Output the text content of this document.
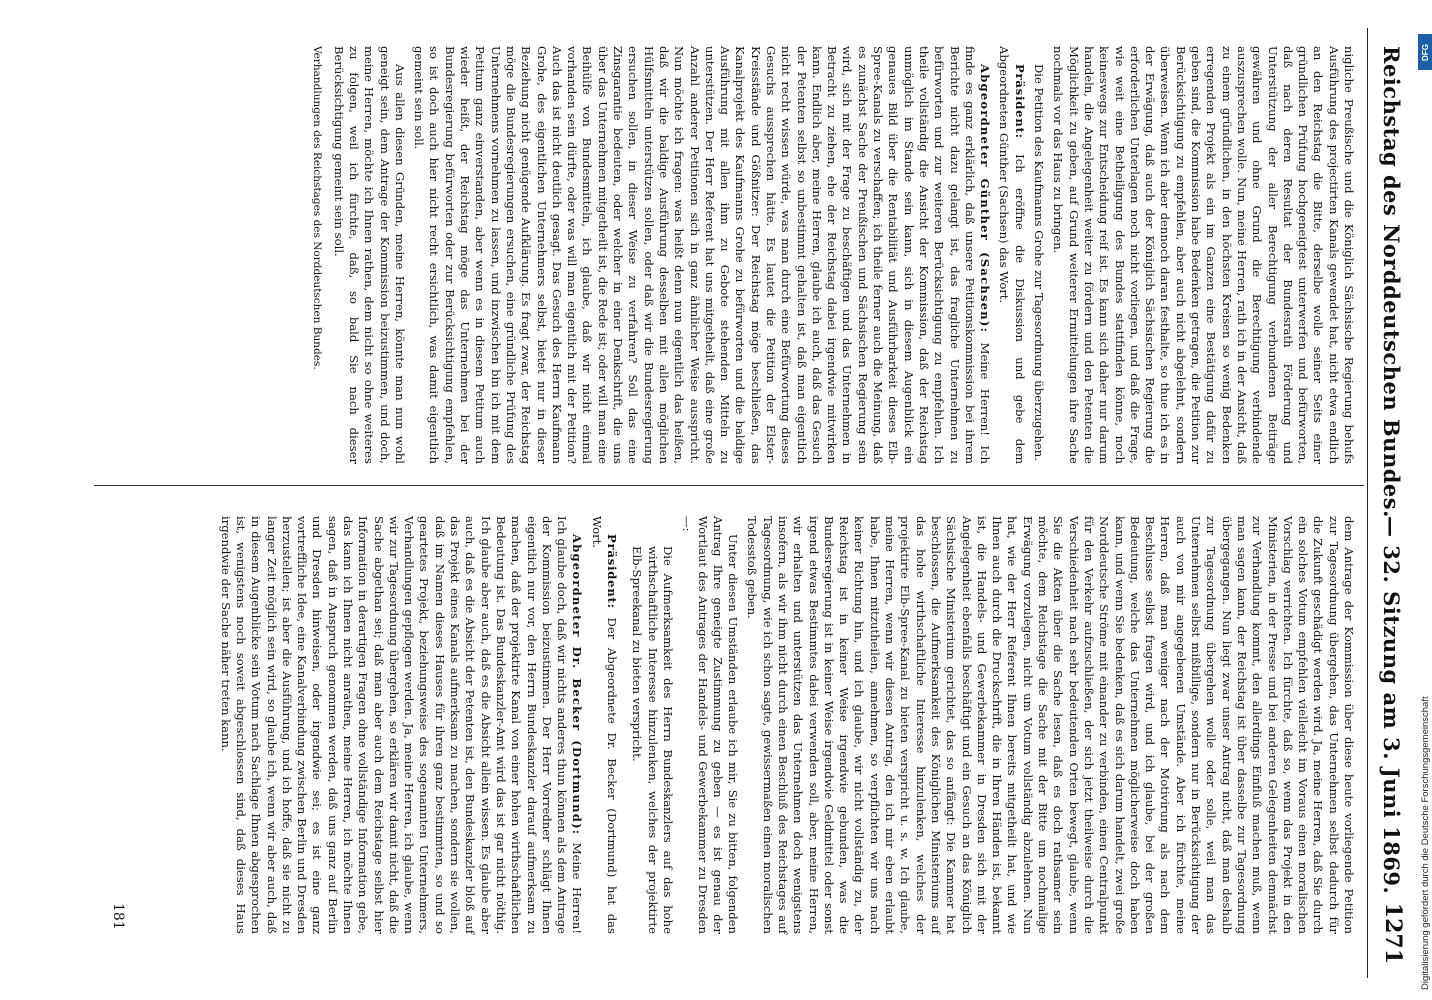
Reichstag des Norddeutschen Bundes.
— 32. Sitzung am 3. Juni 1869.
1271

nigliche Preußische und die Königlich Sächsische Regierung behufs Ausführung des projectirten Kanals gewendet hat, nicht etwa endlich an den Reichstag die Bitte, derselbe wolle seiner Seits einer gründlichen Prüfung hochgeneigtest unterwerfen und befürworten, daß nach deren Resultat der Bundesrath Förderung und Unterstützung der aller Berechtigung verbundenen Beiträge gewähren und ohne Grund die Berechtigung verbindende auszusprechen wolle. Nun, meine Herren, rath ich in der Ansicht, daß zu einem gründlichen, in den höchsten Kreisen so wenig Bedenken erregenden Projekt als ein im Ganzen eine Bestätigung dafür zu geben sind, die Kommission habe Bedenken getragen, die Petition zur Berücksichtigung zu empfehlen, aber auch nicht abgelehnt, sondern überweisen. Wenn ich aber dennoch daran festhalte, so thue ich es in der Erwägung, daß auch der Königlich Sächsischen Regierung die erforderlichen Unterlagen noch nicht vorliegen, und daß die Frage, wie weit eine Betheiligung des Bundes stattfinden könne, noch keineswegs zur Entscheidung reif ist. Es kann sich daher nur darum handeln, die Angelegenheit weiter zu fördern und den Petenten die Möglichkeit zu geben, auf Grund weiterer Ermittelungen ihre Sache nochmals vor das Haus zu bringen.

Die Petition des Kaufmanns Grohe zur Tagesordnung überzugehen.

Präsident: Ich eröffne die Diskussion und gebe dem Abgeordneten Günther (Sachsen) das Wort.

Abgeordneter Günther (Sachsen): Meine Herren! Ich finde es ganz erklärlich, daß unsere Petitionskommission bei ihrem Berichte nicht dazu gelangt ist, das fragliche Unternehmen zu befürworten und zur weiteren Berücksichtigung zu empfehlen. Ich theile vollständig die Ansicht der Kommission, daß der Reichstag unmöglich im Stande sein kann, sich in diesem Augenblick ein genaues Bild über die Rentabilität und Ausführbarkeit dieses Elb-Spree-Kanals zu verschaffen; ich theile ferner auch die Meinung, daß es zunächst Sache der Preußischen und Sächsischen Regierung sein wird, sich mit der Frage zu beschäftigen und das Unternehmen in Betracht zu ziehen, ehe der Reichstag dabei irgendwie mitwirken kann. Endlich aber, meine Herren, glaube ich auch, daß das Gesuch der Petenten selbst so unbestimmt gehalten ist, daß man eigentlich nicht recht wissen würde, was man durch eine Befürwortung dieses Gesuchs aussprechen hätte. Es lautet die Petition der Elster-Kreisstände und Gößnitzer: Der Reichstag möge beschließen, das Kanalprojekt des Kaufmanns Grohe zu befürworten und die baldige Ausführung mit allen ihm zu Gebote stehenden Mitteln zu unterstützen. Der Herr Referent hat uns mitgetheilt, daß eine große Anzahl anderer Petitionen sich in ganz ähnlicher Weise ausspricht. Nun möchte ich fragen: was heißt denn nun eigentlich das heißen, daß wir die baldige Ausführung desselben mit allen möglichen Hülfsmitteln unterstützen sollen, oder daß wir die Bundesregierung ersuchen sollen, in dieser Weise zu verfahren? Soll das eine Zinsgarantie bedeuten, oder welcher in einer Denkschrift, die uns über das Unternehmen mitgetheilt ist, die Rede ist; oder will man eine Beihülfe von Bundesmitteln, ich glaube, daß wir nicht einmal vorhanden sein dürfte, oder was will man eigentlich mit der Petition? Auch das ist nicht deutlich gesagt. Das Gesuch des Herrn Kaufmann Grohe, des eigentlichen Unternehmers selbst, bietet nur in dieser Beziehung nicht genügende Aufklärung. Es fragt zwar, der Reichstag möge die Bundesregierungen ersuchen, eine gründliche Prüfung des Unternehmens vornehmen zu lassen, und inzwischen bin ich mit dem Petitum ganz einverstanden, aber wenn es in diesem Petitum auch wieder heißt, der Reichstag möge das Unternehmen bei der Bundesregierung befürworten oder zur Berücksichtigung empfehlen, so ist doch auch hier nicht recht ersichtlich, was damit eigentlich gemeint sein soll.

Aus allen diesen Gründen, meine Herren, könnte man nun wohl geneigt sein, dem Antrage der Kommission beizustimmen, und doch, meine Herren, möchte ich Ihnen rathen, dem nicht so ohne weiteres zu folgen, weil ich fürchte, daß, so bald Sie nach dieser Berücksichtigung gemeint sein soll.

Verhandlungen des Reichstages des Norddeutschen Bundes.

dem Antrage der Kommission über diese heute vorliegende Petition zur Tagesordnung übergehen, das Unternehmen selbst dadurch für die Zukunft geschädigt werden wird. Ja, meine Herren, daß Sie durch ein solches Votum empfehlen vielleicht im Voraus einen moralischen Vorschlag verrichten. Ich fürchte, daß so, wenn das Projekt in den Ministerien, in der Presse und bei anderen Gelegenheiten demnächst zur Verhandlung kommt, den allerdings Einfluß machen muß, wenn man sagen kann, der Reichstag ist über dasselbe zur Tagesordnung übergegangen. Nun liegt zwar unser Antrag nicht, daß man deshalb zur Tagesordnung übergehen wolle oder solle, weil man das Unternehmen selbst mißbillige, sondern nur in Berücksichtigung der auch von mir angegebenen Umstände. Aber ich fürchte, meine Herren, daß man weniger nach der Motivirung als nach dem Beschlusse selbst fragen wird, und ich glaube, bei der großen Bedeutung, welche das Unternehmen möglicherweise doch haben kann, und wenn Sie bedenken, daß es sich darum handelt, zwei große Norddeutsche Ströme mit einander zu verbinden, einen Centralpunkt für den Verkehr aufzuschließen, der sich jetzt theilweise durch die Verschiedenheit nach sehr bedeutenden Orten bewegt, glaube, wenn Sie die Akten über die Sache lesen, daß es doch rathsamer sein möchte, dem Reichstage die Sache mit der Bitte um nochmalige Erwägung vorzulegen, nicht um Votum vollständig abzulehnen. Nun hat, wie der Herr Referent Ihnen bereits mitgetheilt hat, und wie Ihnen auch durch die Druckschrift, die in Ihren Händen ist, bekannt ist, die Handels- und Gewerbekammer in Dresden sich mit der Angelegenheit ebenfalls beschäftigt und ein Gesuch an das Königlich Sächsische Ministerium gerichtet, das so anfängt: Die Kammer hat beschlossen, die Aufmerksamkeit des Königlichen Ministeriums auf das hohe wirthschaftliche Interesse hinzulenken, welches der projektirte Elb-Spree-Kanal zu bieten verspricht u. s. w. Ich glaube, meine Herren, wenn wir diesen Antrag, den ich mir eben erlaubt habe, Ihnen mitzutheilen, annehmen, so verpflichten wir uns nach keiner Richtung hin, und ich glaube, wir nicht vollständig zu, der Reichstag ist in keiner Weise irgendwie gebunden, was die Bundesregierung ist in keiner Weise irgendwie Geldmittel oder sonst irgend etwas Bestimmtes dabei verwenden soll, aber, meine Herren, wir erhalten und unterstützen das Unternehmen doch wenigstens insofern, als wir ihm nicht durch einen Beschluß des Reichstages auf Tagesordnung, wie ich schon sagte, gewissermaßen einen moralischen Todesstoß geben.

Unter diesen Umständen erlaube ich mir, Sie zu bitten, folgenden Antrag Ihre geneigte Zustimmung zu geben — es ist genau der Wortlaut des Antrages der Handels- und Gewerbekammer zu Dresden —:

Die Aufmerksamkeit des Herrn Bundeskanzlers auf das hohe wirthschaftliche Interesse hinzulenken, welches der projektirte Elb-Spreekanal zu bieten verspricht.

Präsident: Der Abgeordnete Dr. Becker (Dortmund) hat das Wort.

Abgeordneter Dr. Becker (Dortmund): Meine Herren! Ich glaube doch, daß wir nichts anderes thun können als dem Antrage der Kommission beizustimmen. Der Herr Vorredner schlägt Ihnen eigentlich nur vor, den Herrn Bundeskanzler darauf aufmerksam zu machen, daß der projektirte Kanal von einer hohen wirthschaftlichen Bedeutung ist. Das Bundeskanzler-Amt wird das ist gar nicht nöthig. Ich glaube aber auch, daß es die Absicht allein wissen. Es glaube aber auch, daß es die Absicht der Petenten ist, den Bundeskanzler bloß auf das Projekt eines Kanals aufmerksam zu machen, sondern sie wollen, daß im Namen dieses Hauses für ihren ganz bestimmten, so und so geartetes Projekt, beziehungsweise des sogenannten Unternehmers, Verhandlungen gepflogen werden. Ja, meine Herren, ich glaube, wenn wir zur Tagesordnung übergehen, so erklären wir damit nicht, daß die Sache abgethan sei; daß man aber auch dem Reichstage selbst hier Information in derartigen Fragen ohne vollständige Information gebe, das kann ich Ihnen nicht anrathen, meine Herren, ich möchte Ihnen sagen, daß in Anspruch genommen werden, daß uns ganz auf Berlin und Dresden hinweisen, oder irgendwie sei; es ist eine ganz vortreffliche Idee, eine Kanalverbindung zwischen Berlin und Dresden herzustellen; ist aber die Ausführung, und ich hoffe, daß sie nicht zu langer Zeit möglich sein wird, so glaube ich, wenn wir aber auch, daß in diesem Augenblicke sein Votum nach Sachlage Ihnen abgesprochen ist, wenigstens noch soweit abgeschlossen sind, daß dieses Haus irgendwie der Sache näher treten kann.

181
DFG
Digitalisierung gefördert durch die Deutsche Forschungsgemeinschaft
